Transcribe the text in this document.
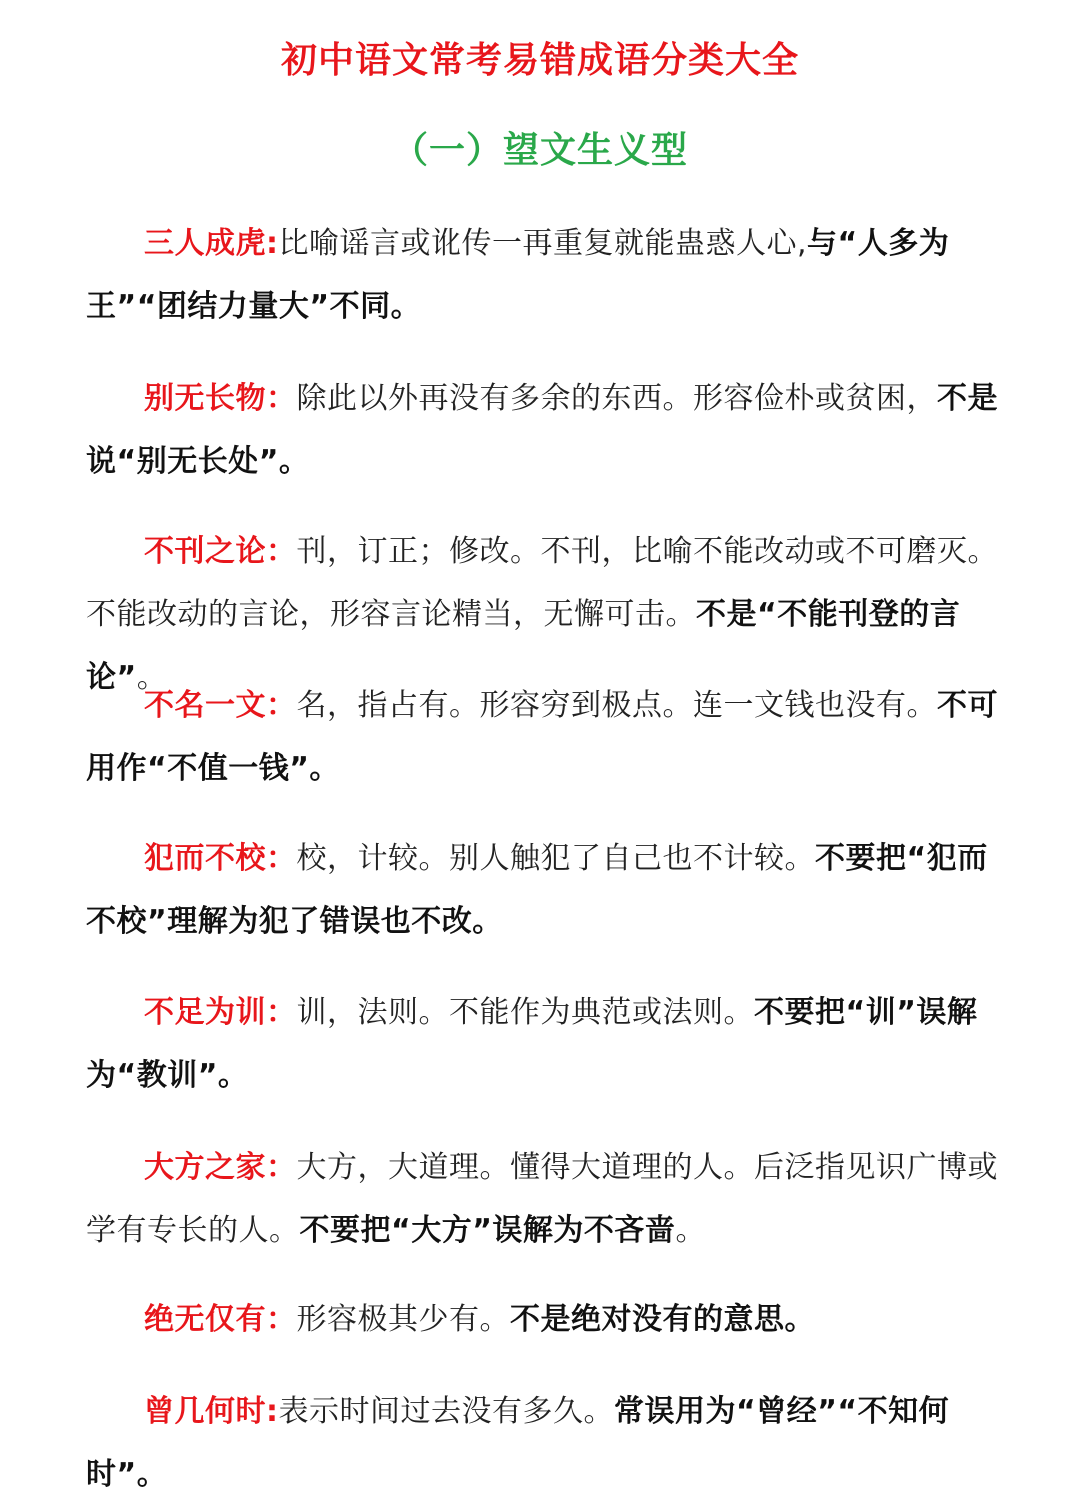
初中语文常考易错成语分类大全
（一）望文生义型
三人成虎:比喻谣言或讹传一再重复就能蛊惑人心,与“人多为王”“团结力量大”不同。
别无长物：除此以外再没有多余的东西。形容俭朴或贫困，不是说“别无长处”。
不刊之论：刊，订正；修改。不刊，比喻不能改动或不可磨灭。不能改动的言论，形容言论精当，无懈可击。不是“不能刊登的言论”。
不名一文：名，指占有。形容穷到极点。连一文钱也没有。不可用作“不值一钱”。
犯而不校：校，计较。别人触犯了自己也不计较。不要把“犯而不校”理解为犯了错误也不改。
不足为训：训，法则。不能作为典范或法则。不要把“训”误解为“教训”。
大方之家：大方，大道理。懂得大道理的人。后泛指见识广博或学有专长的人。不要把“大方”误解为不吝啬。
绝无仅有：形容极其少有。不是绝对没有的意思。
曾几何时:表示时间过去没有多久。常误用为“曾经”“不知何时”。
